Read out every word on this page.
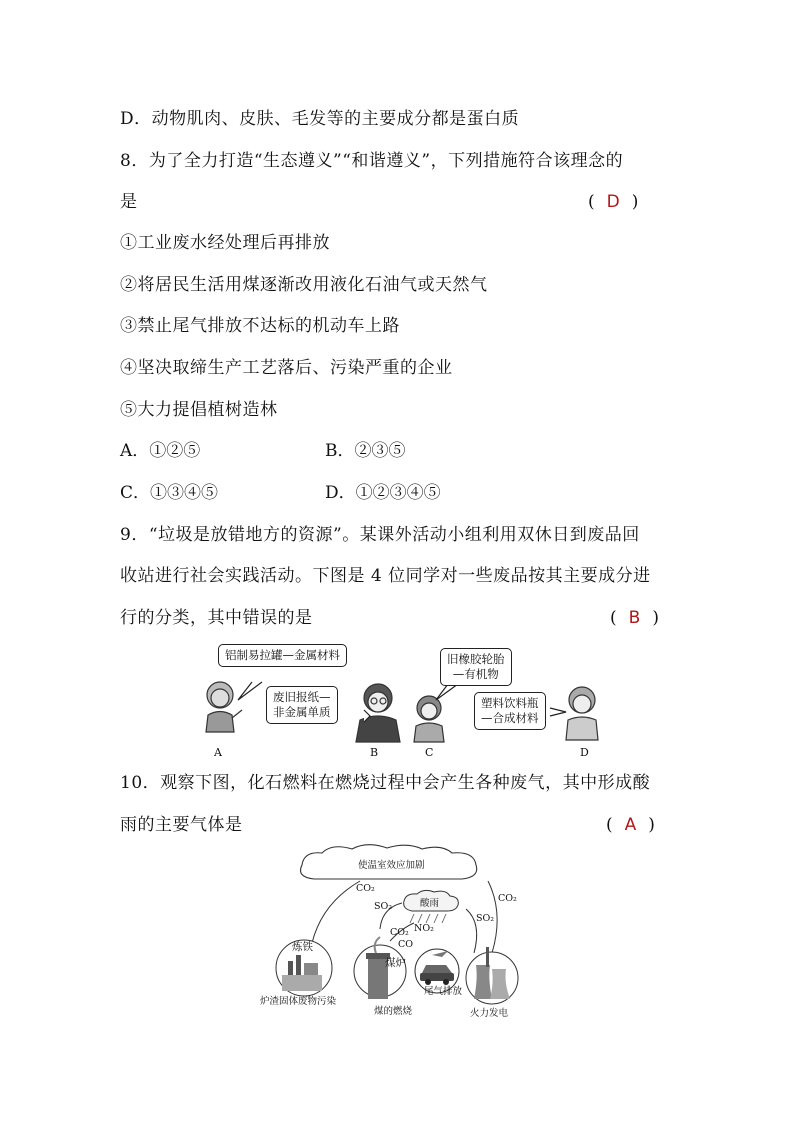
D．动物肌肉、皮肤、毛发等的主要成分都是蛋白质
8．为了全力打造“生态遵义”“和谐遵义”，下列措施符合该理念的
是	( D )
①工业废水经处理后再排放
②将居民生活用煤逐渐改用液化石油气或天然气
③禁止尾气排放不达标的机动车上路
④坚决取缔生产工艺落后、污染严重的企业
⑤大力提倡植树造林
A．①②⑤	B．②③⑤
C．①③④⑤	D．①②③④⑤
9．“垃圾是放错地方的资源”。某课外活动小组利用双休日到废品回
收站进行社会实践活动。下图是 4 位同学对一些废品按其主要成分进
行的分类，其中错误的是	( B )
铝制易拉罐—金属材料
废旧报纸—
非金属单质
旧橡胶轮胎
—有机物
塑料饮料瓶
—合成材料
A	B	C	D
10．观察下图，化石燃料在燃烧过程中会产生各种废气，其中形成酸
雨的主要气体是	( A )
使温室效应加剧
酸雨
CO₂
SO₂
NO₂
CO₂
CO
SO₂
CO₂
炼铁
煤炉
尾气排放
炉渣固体废物污染
煤的燃烧	火力发电
